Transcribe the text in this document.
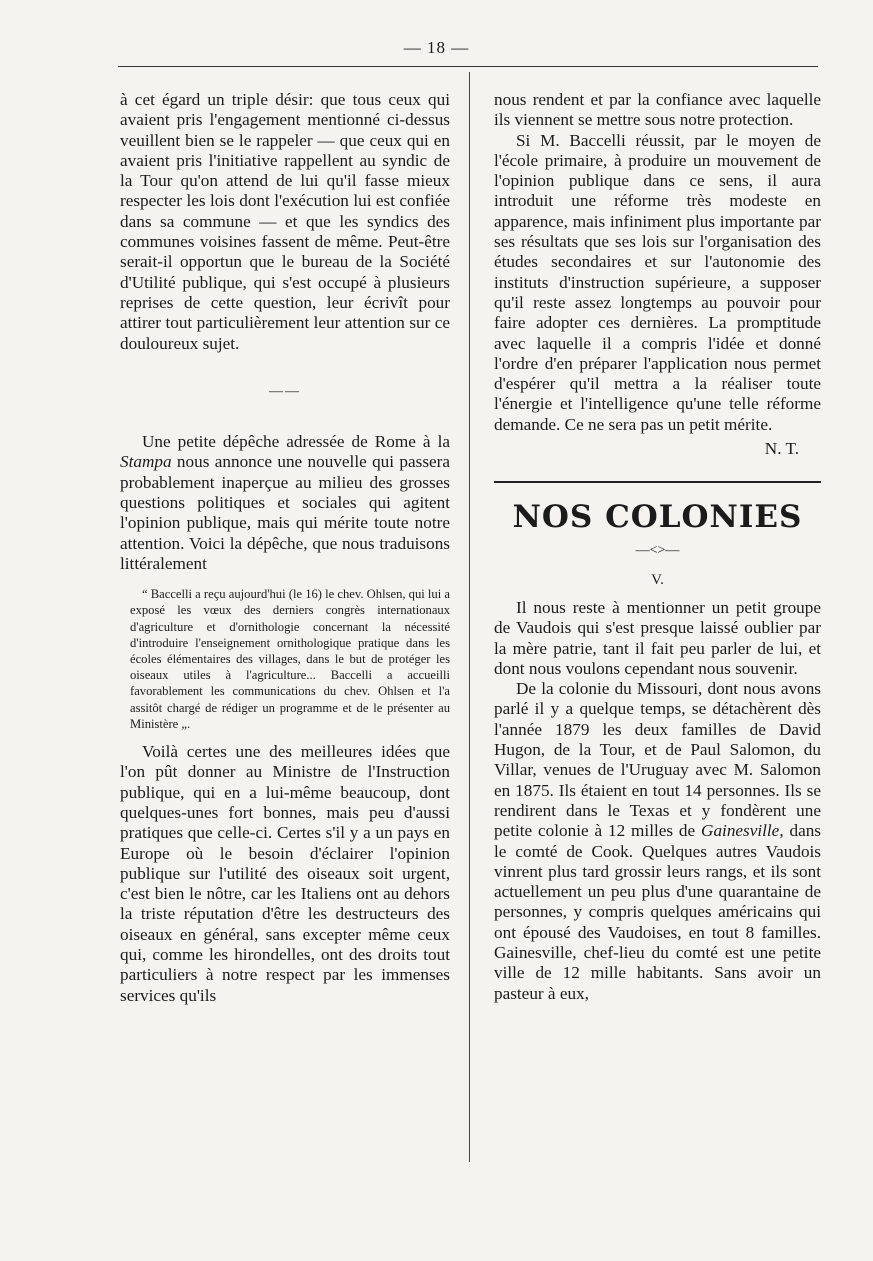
— 18 —

à cet égard un triple désir: que tous ceux qui avaient pris l'engagement mentionné ci-dessus veuillent bien se le rappeler — que ceux qui en avaient pris l'initiative rappellent au syndic de la Tour qu'on attend de lui qu'il fasse mieux respecter les lois dont l'exécution lui est confiée dans sa commune — et que les syndics des communes voisines fassent de même. Peut-être serait-il opportun que le bureau de la Société d'Utilité publique, qui s'est occupé à plusieurs reprises de cette question, leur écrivît pour attirer tout particulièrement leur attention sur ce douloureux sujet.

——

Une petite dépêche adressée de Rome à la Stampa nous annonce une nouvelle qui passera probablement inaperçue au milieu des grosses questions politiques et sociales qui agitent l'opinion publique, mais qui mérite toute notre attention. Voici la dépêche, que nous traduisons littéralement

“ Baccelli a reçu aujourd'hui (le 16) le chev. Ohlsen, qui lui a exposé les vœux des derniers congrès internationaux d'agriculture et d'ornithologie concernant la nécessité d'introduire l'enseignement ornithologique pratique dans les écoles élémentaires des villages, dans le but de protéger les oiseaux utiles à l'agriculture... Baccelli a accueilli favorablement les communications du chev. Ohlsen et l'a assitôt chargé de rédiger un programme et de le présenter au Ministère „.

Voilà certes une des meilleures idées que l'on pût donner au Ministre de l'Instruction publique, qui en a lui-même beaucoup, dont quelques-unes fort bonnes, mais peu d'aussi pratiques que celle-ci. Certes s'il y a un pays en Europe où le besoin d'éclairer l'opinion publique sur l'utilité des oiseaux soit urgent, c'est bien le nôtre, car les Italiens ont au dehors la triste réputation d'être les destructeurs des oiseaux en général, sans excepter même ceux qui, comme les hirondelles, ont des droits tout particuliers à notre respect par les immenses services qu'ils

nous rendent et par la confiance avec laquelle ils viennent se mettre sous notre protection.

Si M. Baccelli réussit, par le moyen de l'école primaire, à produire un mouvement de l'opinion publique dans ce sens, il aura introduit une réforme très modeste en apparence, mais infiniment plus importante par ses résultats que ses lois sur l'organisation des études secondaires et sur l'autonomie des instituts d'instruction supérieure, a supposer qu'il reste assez longtemps au pouvoir pour faire adopter ces dernières. La promptitude avec laquelle il a compris l'idée et donné l'ordre d'en préparer l'application nous permet d'espérer qu'il mettra a la réaliser toute l'énergie et l'intelligence qu'une telle réforme demande. Ce ne sera pas un petit mérite.

N. T.

NOS COLONIES
—<>—
V.

Il nous reste à mentionner un petit groupe de Vaudois qui s'est presque laissé oublier par la mère patrie, tant il fait peu parler de lui, et dont nous voulons cependant nous souvenir.

De la colonie du Missouri, dont nous avons parlé il y a quelque temps, se détachèrent dès l'année 1879 les deux familles de David Hugon, de la Tour, et de Paul Salomon, du Villar, venues de l'Uruguay avec M. Salomon en 1875. Ils étaient en tout 14 personnes. Ils se rendirent dans le Texas et y fondèrent une petite colonie à 12 milles de Gainesville, dans le comté de Cook. Quelques autres Vaudois vinrent plus tard grossir leurs rangs, et ils sont actuellement un peu plus d'une quarantaine de personnes, y compris quelques américains qui ont épousé des Vaudoises, en tout 8 familles. Gainesville, chef-lieu du comté est une petite ville de 12 mille habitants. Sans avoir un pasteur à eux,
